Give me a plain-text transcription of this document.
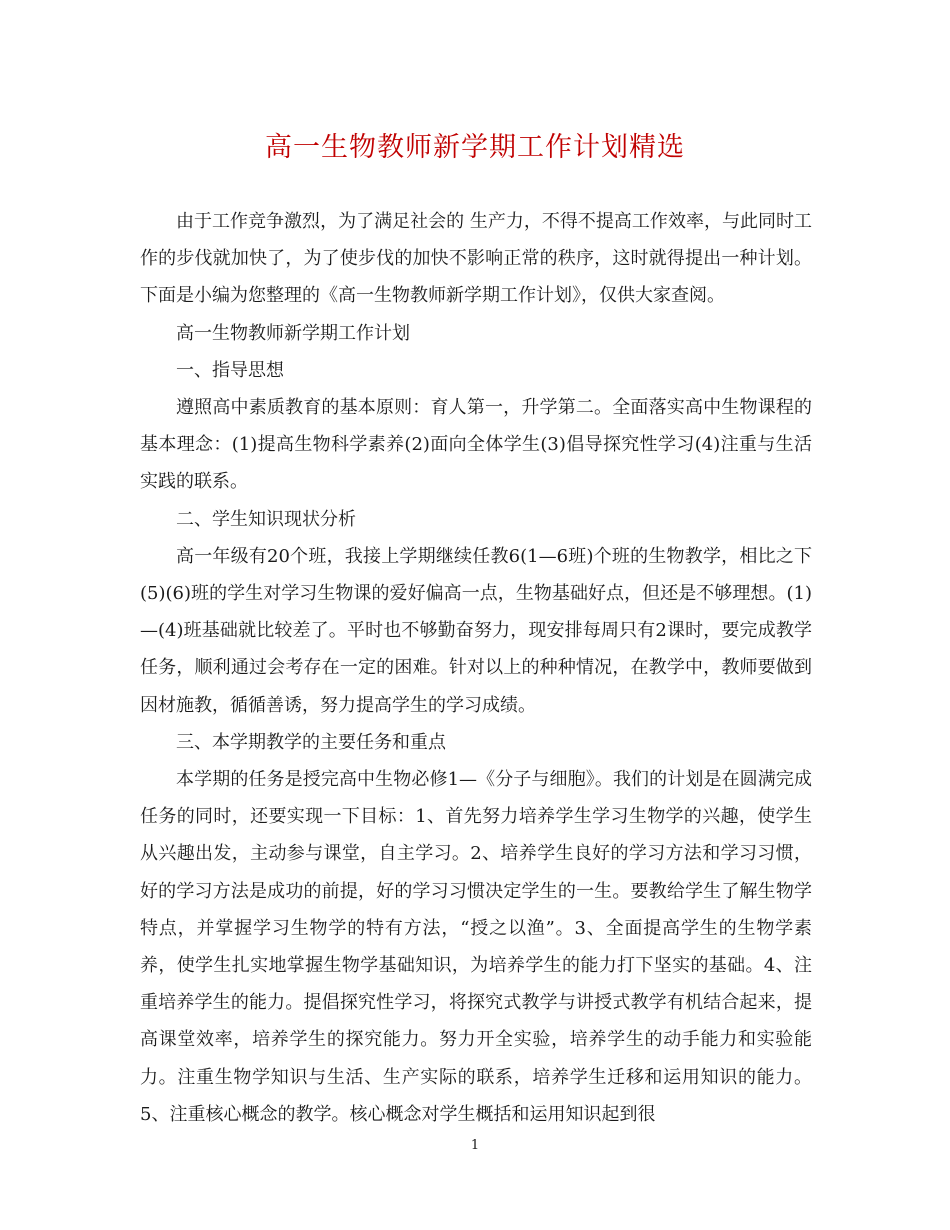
高一生物教师新学期工作计划精选

由于工作竞争激烈，为了满足社会的 生产力，不得不提高工作效率，与此同时工作的步伐就加快了，为了使步伐的加快不影响正常的秩序，这时就得提出一种计划。下面是小编为您整理的《高一生物教师新学期工作计划》，仅供大家查阅。

高一生物教师新学期工作计划

一、指导思想

遵照高中素质教育的基本原则：育人第一，升学第二。全面落实高中生物课程的基本理念：(1)提高生物科学素养(2)面向全体学生(3)倡导探究性学习(4)注重与生活实践的联系。

二、学生知识现状分析

高一年级有20个班，我接上学期继续任教6(1—6班)个班的生物教学，相比之下(5)(6)班的学生对学习生物课的爱好偏高一点，生物基础好点，但还是不够理想。(1)—(4)班基础就比较差了。平时也不够勤奋努力，现安排每周只有2课时，要完成教学任务，顺利通过会考存在一定的困难。针对以上的种种情况，在教学中，教师要做到因材施教，循循善诱，努力提高学生的学习成绩。

三、本学期教学的主要任务和重点

本学期的任务是授完高中生物必修1—《分子与细胞》。我们的计划是在圆满完成任务的同时，还要实现一下目标：1、首先努力培养学生学习生物学的兴趣，使学生从兴趣出发，主动参与课堂，自主学习。2、培养学生良好的学习方法和学习习惯，好的学习方法是成功的前提，好的学习习惯决定学生的一生。要教给学生了解生物学特点，并掌握学习生物学的特有方法，“授之以渔”。3、全面提高学生的生物学素养，使学生扎实地掌握生物学基础知识，为培养学生的能力打下坚实的基础。4、注重培养学生的能力。提倡探究性学习，将探究式教学与讲授式教学有机结合起来，提高课堂效率，培养学生的探究能力。努力开全实验，培养学生的动手能力和实验能力。注重生物学知识与生活、生产实际的联系，培养学生迁移和运用知识的能力。5、注重核心概念的教学。核心概念对学生概括和运用知识起到很

1
